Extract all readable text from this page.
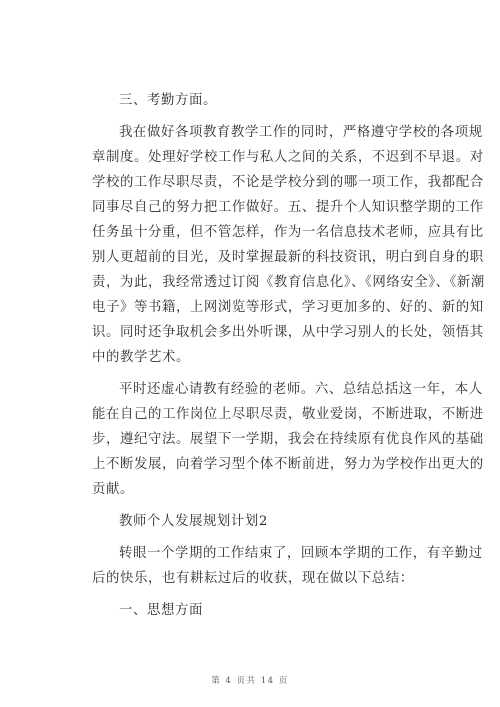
三、考勤方面。
我在做好各项教育教学工作的同时，严格遵守学校的各项规
章制度。处理好学校工作与私人之间的关系，不迟到不早退。对
学校的工作尽职尽责，不论是学校分到的哪一项工作，我都配合
同事尽自己的努力把工作做好。五、提升个人知识整学期的工作
任务虽十分重，但不管怎样，作为一名信息技术老师，应具有比
别人更超前的目光，及时掌握最新的科技资讯，明白到自身的职
责，为此，我经常透过订阅《教育信息化》、《网络安全》、《新潮
电子》等书籍，上网浏览等形式，学习更加多的、好的、新的知
识。同时还争取机会多出外听课，从中学习别人的长处，领悟其
中的教学艺术。
平时还虚心请教有经验的老师。六、总结总括这一年，本人
能在自己的工作岗位上尽职尽责，敬业爱岗，不断进取，不断进
步，遵纪守法。展望下一学期，我会在持续原有优良作风的基础
上不断发展，向着学习型个体不断前进，努力为学校作出更大的
贡献。
教师个人发展规划计划2
转眼一个学期的工作结束了，回顾本学期的工作，有辛勤过
后的快乐，也有耕耘过后的收获，现在做以下总结：
一、思想方面
第 4 页共 14 页
